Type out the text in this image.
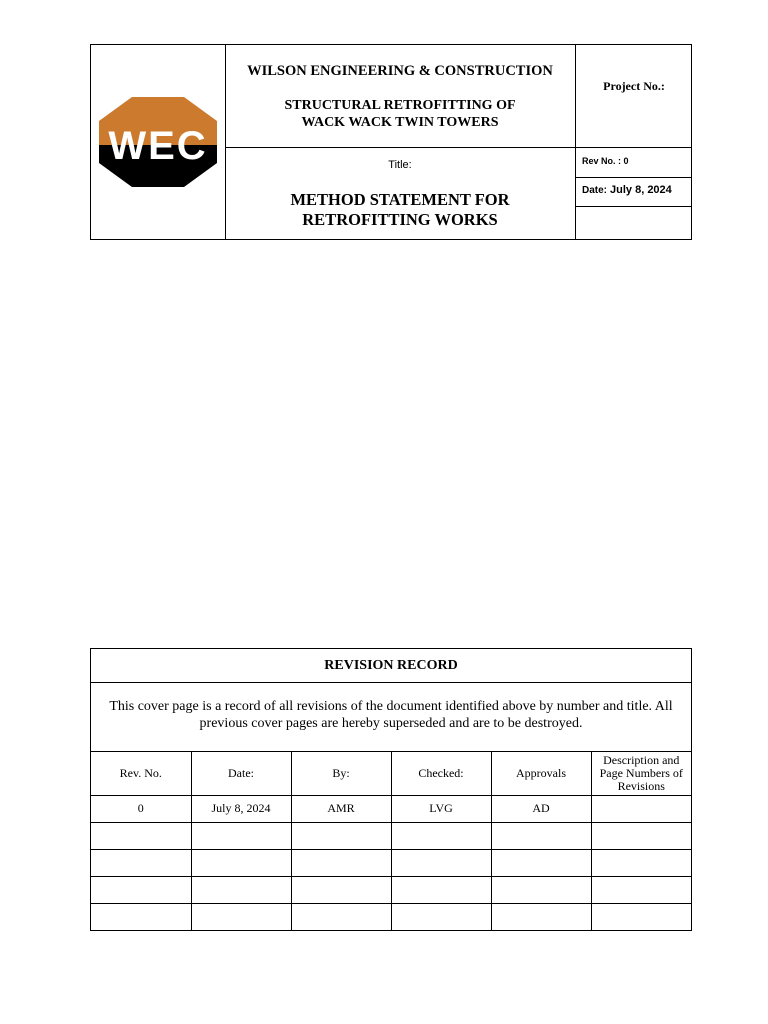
WEC
WILSON ENGINEERING & CONSTRUCTION
STRUCTURAL RETROFITTING OF
WACK WACK TWIN TOWERS
Title:
METHOD STATEMENT FOR
RETROFITTING WORKS
Project No.:
Rev No. : 0
Date: July 8, 2024
REVISION RECORD
This cover page is a record of all revisions of the document identified above by number and title. All previous cover pages are hereby superseded and are to be destroyed.
Rev. No.	Date:	By:	Checked:	Approvals	Description and Page Numbers of Revisions
0	July 8, 2024	AMR	LVG	AD	
